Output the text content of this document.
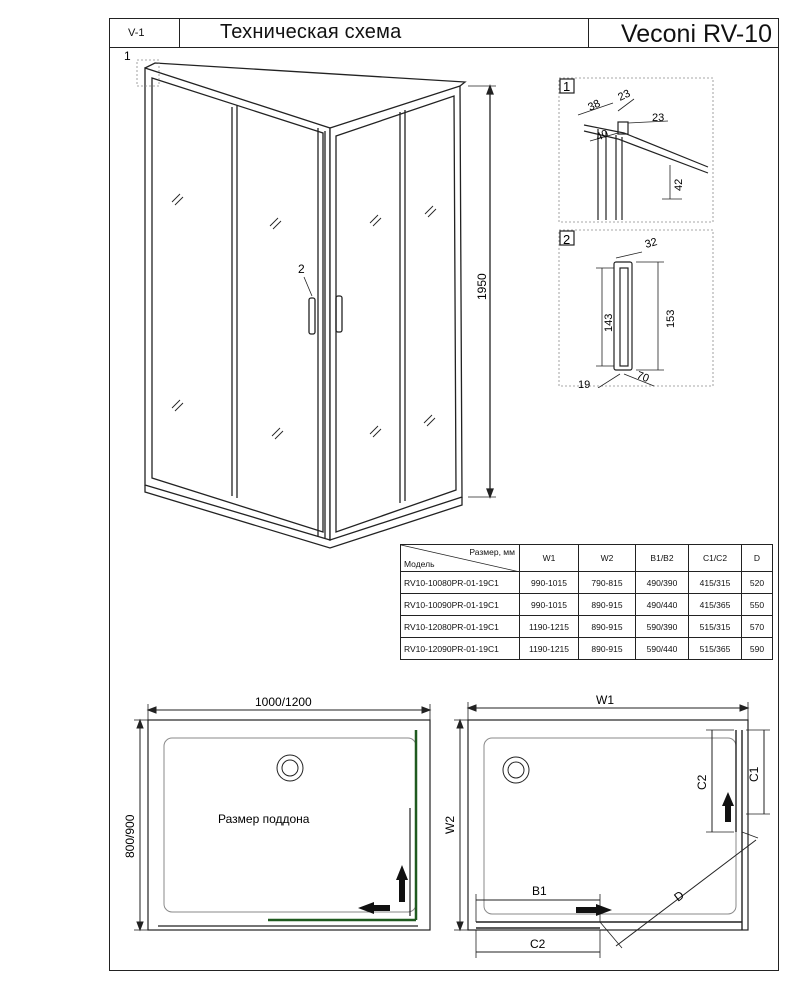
V-1	Техническая схема	Veconi RV-10
1
2
1950
1
38
23
40
23
42
2	32
143	153
19	70
Размер, мм
Модель	W1	W2	B1/B2	C1/C2	D
RV10-10080PR-01-19C1	990-1015	790-815	490/390	415/315	520
RV10-10090PR-01-19C1	990-1015	890-915	490/440	415/365	550
RV10-12080PR-01-19C1	1190-1215	890-915	590/390	515/315	570
RV10-12090PR-01-19C1	1190-1215	890-915	590/440	515/365	590
1000/1200
800/900	Размер поддона
W1
W2
C1
C2
B1
C2
D
